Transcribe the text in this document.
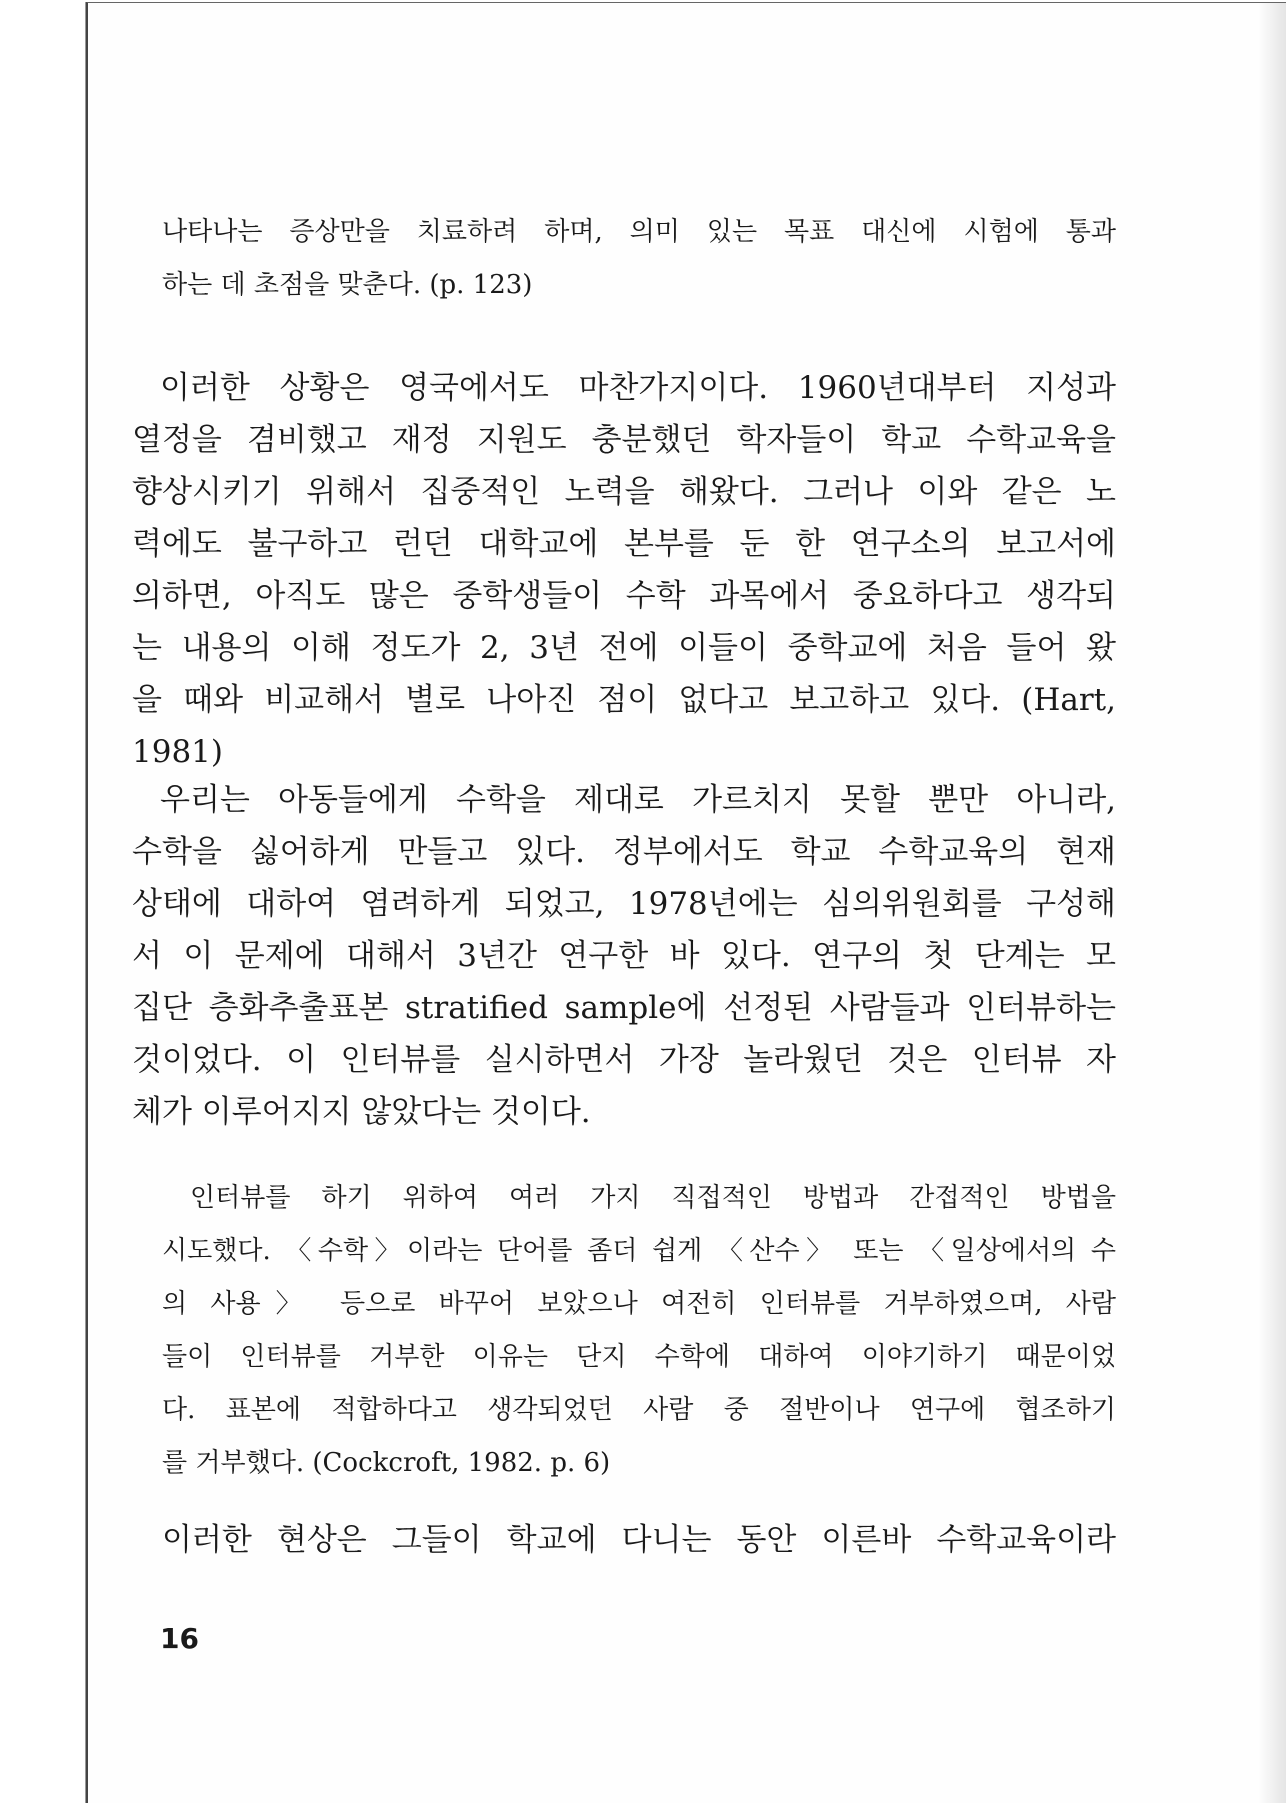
나타나는 증상만을 치료하려 하며, 의미 있는 목표 대신에 시험에 통과
하는 데 초점을 맞춘다. (p. 123)
이러한 상황은 영국에서도 마찬가지이다. 1960년대부터 지성과
열정을 겸비했고 재정 지원도 충분했던 학자들이 학교 수학교육을
향상시키기 위해서 집중적인 노력을 해왔다. 그러나 이와 같은 노
력에도 불구하고 런던 대학교에 본부를 둔 한 연구소의 보고서에
의하면, 아직도 많은 중학생들이 수학 과목에서 중요하다고 생각되
는 내용의 이해 정도가 2, 3년 전에 이들이 중학교에 처음 들어 왔
을 때와 비교해서 별로 나아진 점이 없다고 보고하고 있다. (Hart,
1981)
우리는 아동들에게 수학을 제대로 가르치지 못할 뿐만 아니라,
수학을 싫어하게 만들고 있다. 정부에서도 학교 수학교육의 현재
상태에 대하여 염려하게 되었고, 1978년에는 심의위원회를 구성해
서 이 문제에 대해서 3년간 연구한 바 있다. 연구의 첫 단계는 모
집단 층화추출표본 stratified sample에 선정된 사람들과 인터뷰하는
것이었다. 이 인터뷰를 실시하면서 가장 놀라웠던 것은 인터뷰 자
체가 이루어지지 않았다는 것이다.
인터뷰를 하기 위하여 여러 가지 직접적인 방법과 간접적인 방법을
시도했다. 〈수학〉이라는 단어를 좀더 쉽게 〈산수〉 또는 〈일상에서의 수
의 사용〉 등으로 바꾸어 보았으나 여전히 인터뷰를 거부하였으며, 사람
들이 인터뷰를 거부한 이유는 단지 수학에 대하여 이야기하기 때문이었
다. 표본에 적합하다고 생각되었던 사람 중 절반이나 연구에 협조하기
를 거부했다. (Cockcroft, 1982. p. 6)
이러한 현상은 그들이 학교에 다니는 동안 이른바 수학교육이라
16
